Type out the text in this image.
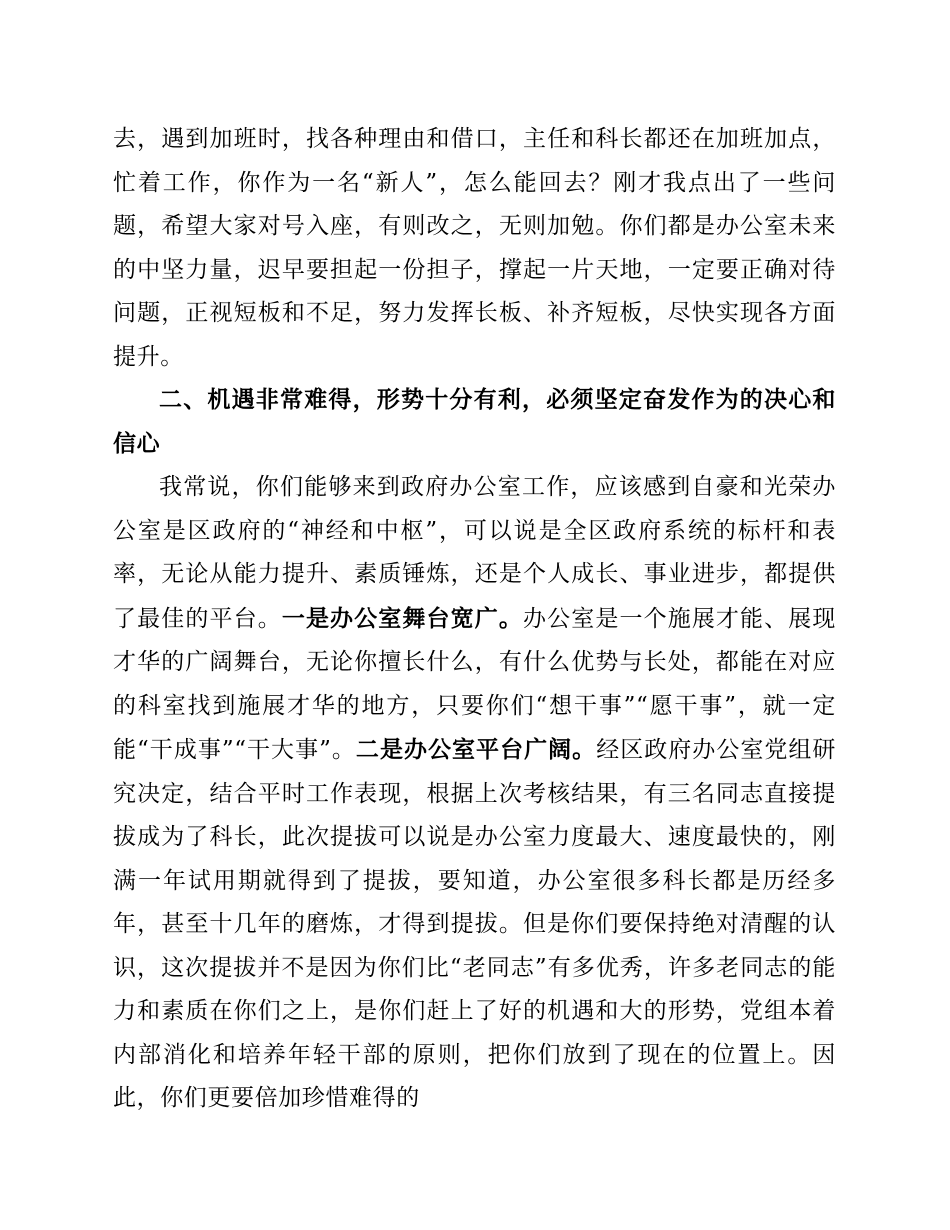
去，遇到加班时，找各种理由和借口，主任和科长都还在加班加点，忙着工作，你作为一名“新人”，怎么能回去？刚才我点出了一些问题，希望大家对号入座，有则改之，无则加勉。你们都是办公室未来的中坚力量，迟早要担起一份担子，撑起一片天地，一定要正确对待问题，正视短板和不足，努力发挥长板、补齐短板，尽快实现各方面提升。

二、机遇非常难得，形势十分有利，必须坚定奋发作为的决心和信心

我常说，你们能够来到政府办公室工作，应该感到自豪和光荣办公室是区政府的“神经和中枢”，可以说是全区政府系统的标杆和表率，无论从能力提升、素质锤炼，还是个人成长、事业进步，都提供了最佳的平台。一是办公室舞台宽广。办公室是一个施展才能、展现才华的广阔舞台，无论你擅长什么，有什么优势与长处，都能在对应的科室找到施展才华的地方，只要你们“想干事”“愿干事”，就一定能“干成事”“干大事”。二是办公室平台广阔。经区政府办公室党组研究决定，结合平时工作表现，根据上次考核结果，有三名同志直接提拔成为了科长，此次提拔可以说是办公室力度最大、速度最快的，刚满一年试用期就得到了提拔，要知道，办公室很多科长都是历经多年，甚至十几年的磨炼，才得到提拔。但是你们要保持绝对清醒的认识，这次提拔并不是因为你们比“老同志”有多优秀，许多老同志的能力和素质在你们之上，是你们赶上了好的机遇和大的形势，党组本着内部消化和培养年轻干部的原则，把你们放到了现在的位置上。因此，你们更要倍加珍惜难得的
